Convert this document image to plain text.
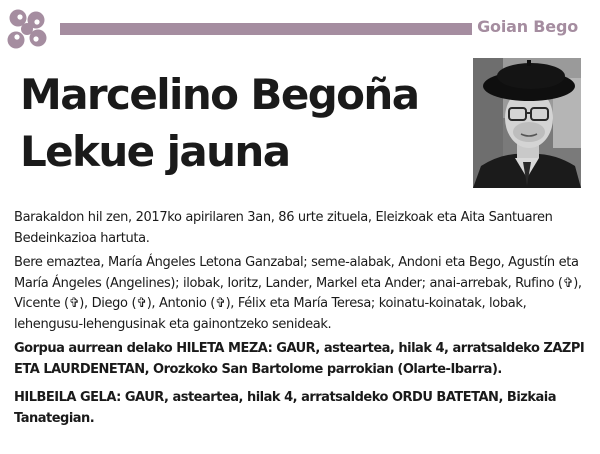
Goian Bego
Marcelino Begoña
Lekue jauna

Barakaldon hil zen, 2017ko apirilaren 3an, 86 urte zituela, Eleizkoak eta Aita Santuaren Bedeinkazioa hartuta.

Bere emaztea, María Ángeles Letona Ganzabal; seme-alabak, Andoni eta Bego, Agustín eta María Ángeles (Angelines); ilobak, Ioritz, Lander, Markel eta Ander; anai-arrebak, Rufino (✞), Vicente (✞), Diego (✞), Antonio (✞), Félix eta María Teresa; koinatu-koinatak, lobak, lehengusu-lehengusinak eta gainontzeko senideak.

Gorpua aurrean delako HILETA MEZA: GAUR, asteartea, hilak 4, arratsaldeko ZAZPI ETA LAURDENETAN, Orozkoko San Bartolome parrokian (Olarte-Ibarra).

HILBEILA GELA: GAUR, asteartea, hilak 4, arratsaldeko ORDU BATETAN, Bizkaia Tanategian.
